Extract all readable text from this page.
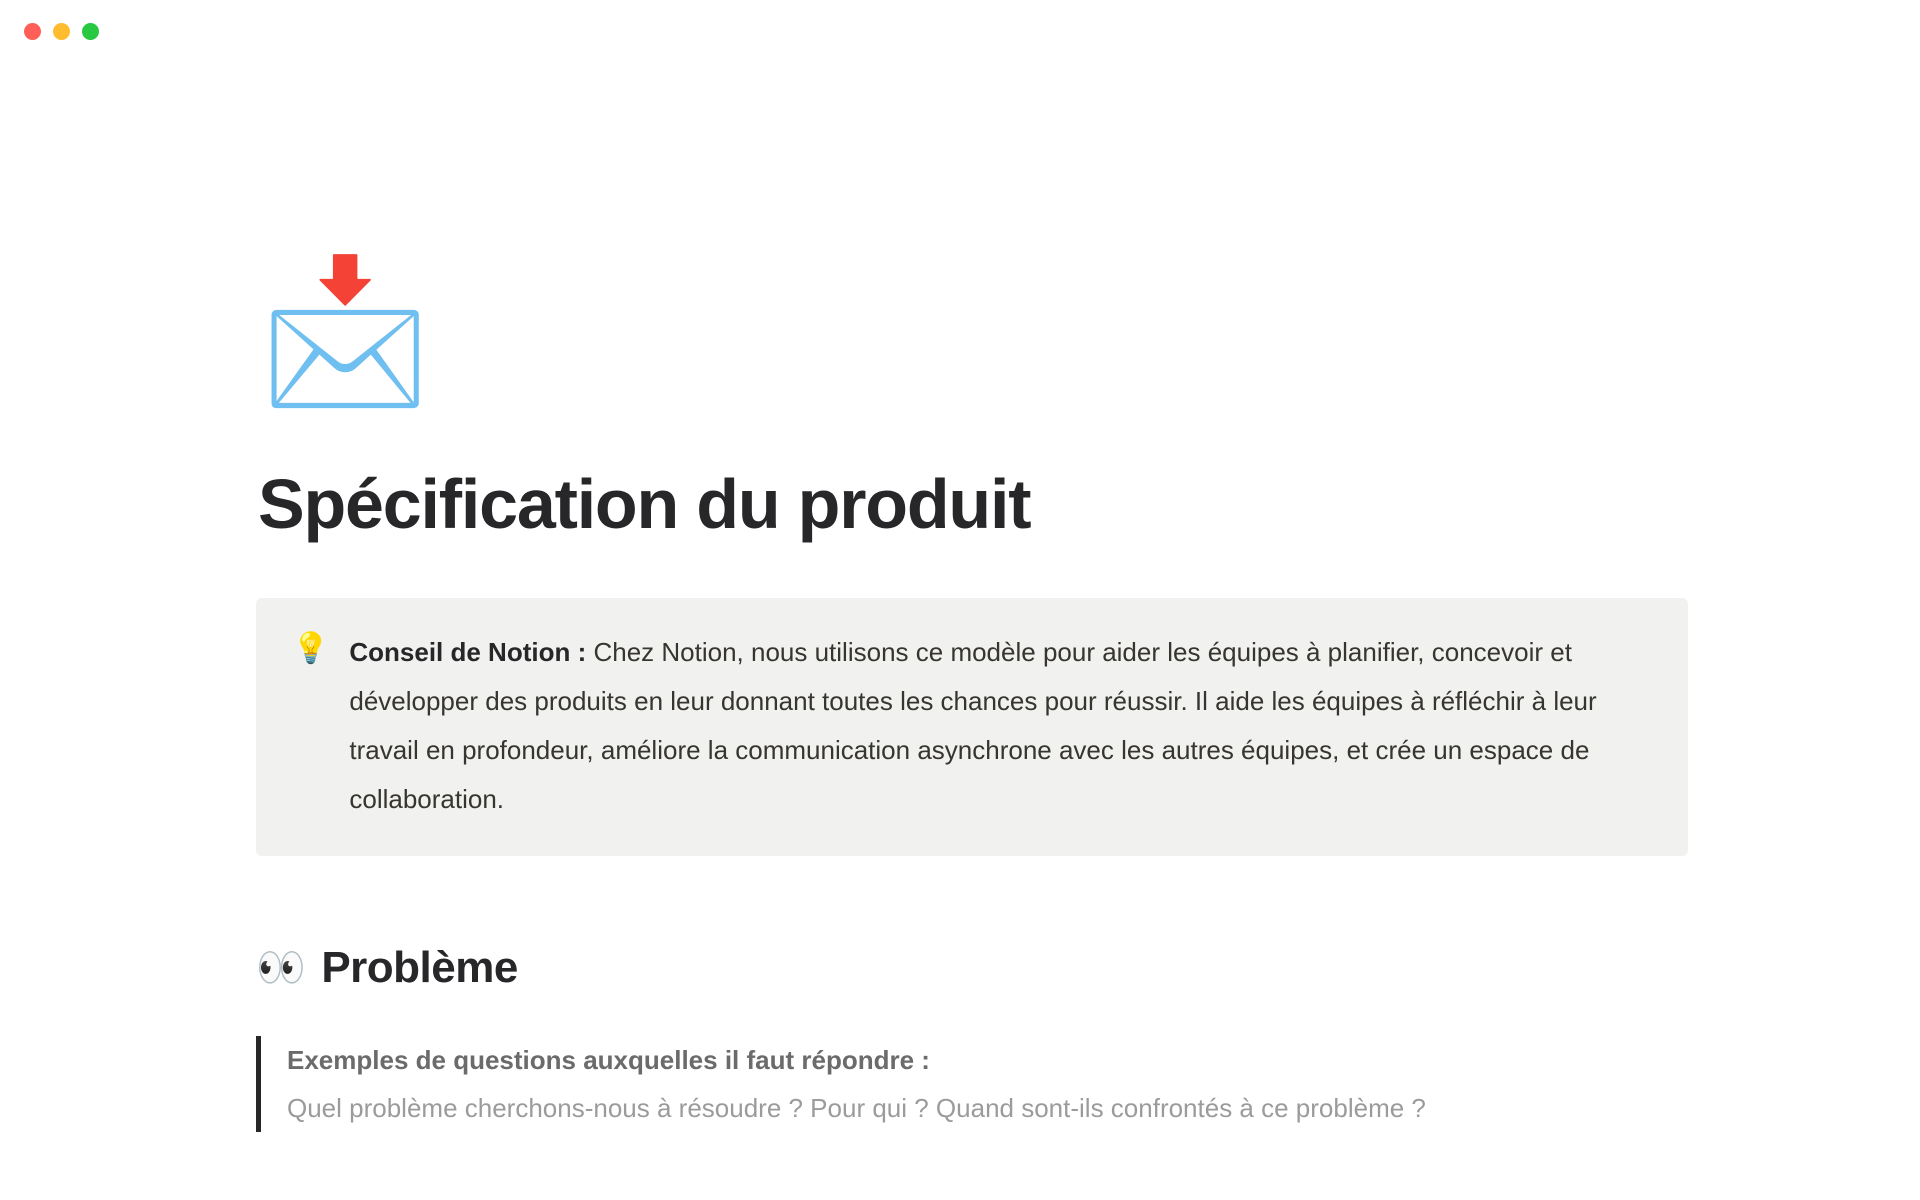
📩
Spécification du produit
💡 Conseil de Notion : Chez Notion, nous utilisons ce modèle pour aider les équipes à planifier, concevoir et développer des produits en leur donnant toutes les chances pour réussir. Il aide les équipes à réfléchir à leur travail en profondeur, améliore la communication asynchrone avec les autres équipes, et crée un espace de collaboration.
👀 Problème
Exemples de questions auxquelles il faut répondre :
Quel problème cherchons-nous à résoudre ? Pour qui ? Quand sont-ils confrontés à ce problème ?
